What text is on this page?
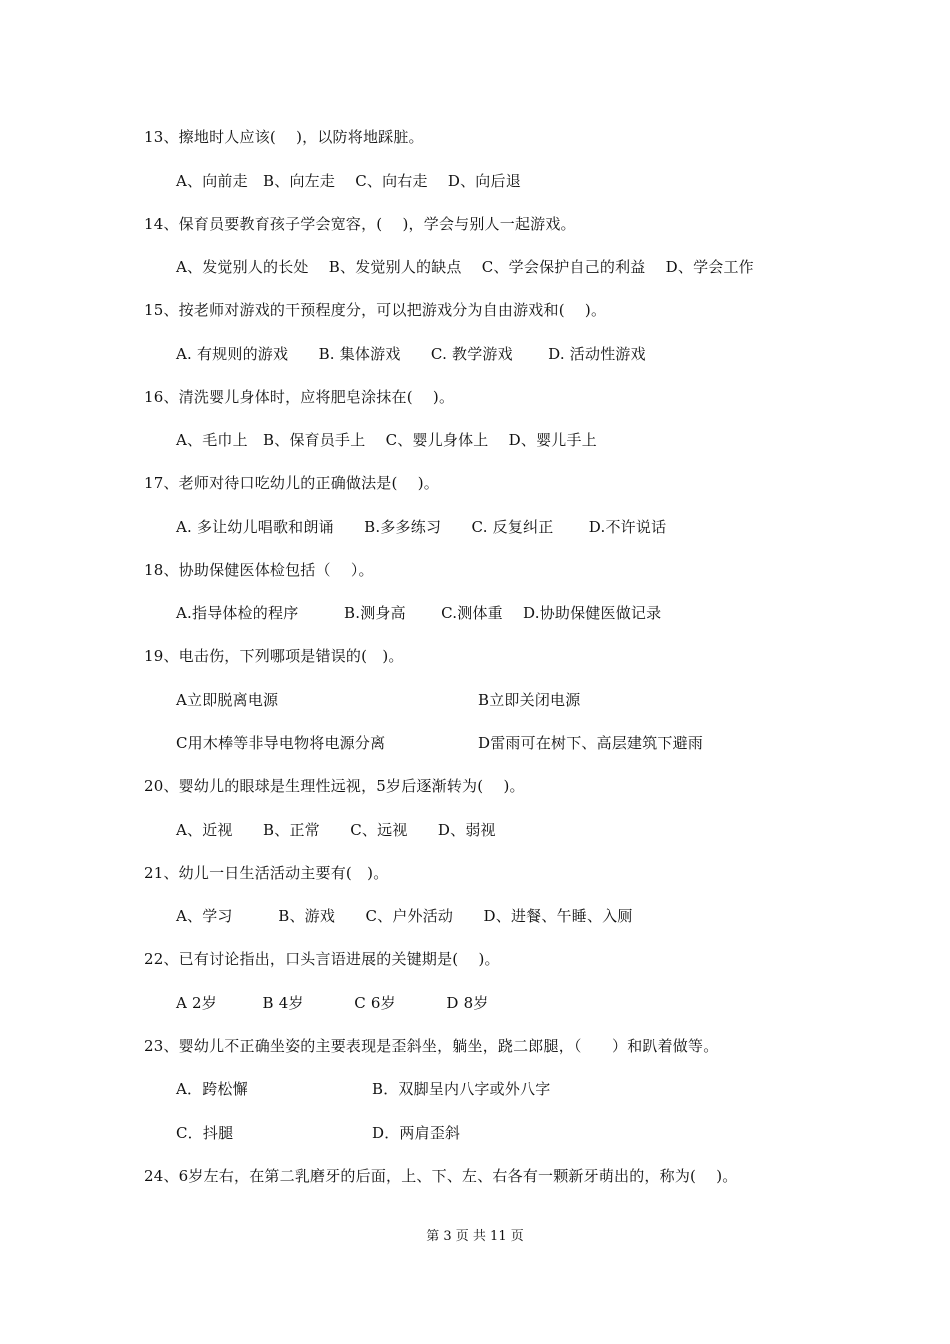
13、擦地时人应该(　 )，以防将地踩脏。
A、向前走　B、向左走　 C、向右走　 D、向后退
14、保育员要教育孩子学会宽容，(　 )，学会与别人一起游戏。
A、发觉别人的长处　 B、发觉别人的缺点　 C、学会保护自己的利益　 D、学会工作
15、按老师对游戏的干预程度分，可以把游戏分为自由游戏和(　 )。
A. 有规则的游戏　　B. 集体游戏　　C. 教学游戏　　 D. 活动性游戏
16、清洗婴儿身体时，应将肥皂涂抹在(　 )。
A、毛巾上　B、保育员手上　 C、婴儿身体上　 D、婴儿手上
17、老师对待口吃幼儿的正确做法是(　 )。
A. 多让幼儿唱歌和朗诵　　B.多多练习　　C. 反复纠正　　 D.不许说话
18、协助保健医体检包括（　 ）。
A.指导体检的程序　　　B.测身高　　 C.测体重　 D.协助保健医做记录
19、电击伤，下列哪项是错误的(　)。
A立即脱离电源	B立即关闭电源
C用木棒等非导电物将电源分离	D雷雨可在树下、高层建筑下避雨
20、婴幼儿的眼球是生理性远视，5岁后逐渐转为(　 )。
A、近视　　B、正常　　C、远视　　D、弱视
21、幼儿一日生活活动主要有(　)。
A、学习　　　B、游戏　　C、户外活动　　D、进餐、午睡、入厕
22、已有讨论指出，口头言语进展的关键期是(　 )。
A 2岁　　　B 4岁　　　 C 6岁　　　 D 8岁
23、婴幼儿不正确坐姿的主要表现是歪斜坐，躺坐，跷二郎腿，（　　）和趴着做等。
A．跨松懈	B．双脚呈内八字或外八字
C．抖腿	D．两肩歪斜
24、6岁左右，在第二乳磨牙的后面，上、下、左、右各有一颗新牙萌出的，称为(　 )。
第 3 页 共 11 页
